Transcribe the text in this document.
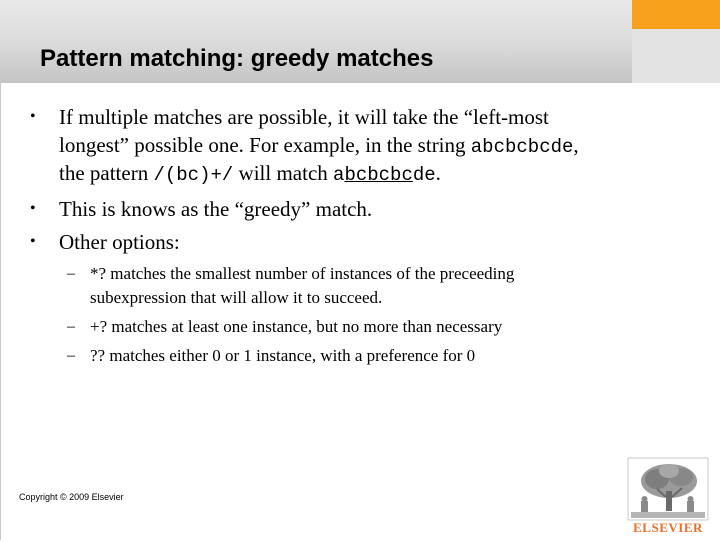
Pattern matching: greedy matches
• If multiple matches are possible, it will take the “left-most
longest” possible one. For example, in the string abcbcbcde,
the pattern /(bc)+/ will match abcbcbcde.
• This is knows as the “greedy” match.
• Other options:
– *? matches the smallest number of instances of the preceeding
subexpression that will allow it to succeed.
– +? matches at least one instance, but no more than necessary
– ?? matches either 0 or 1 instance, with a preference for 0
Copyright © 2009 Elsevier
ELSEVIER
